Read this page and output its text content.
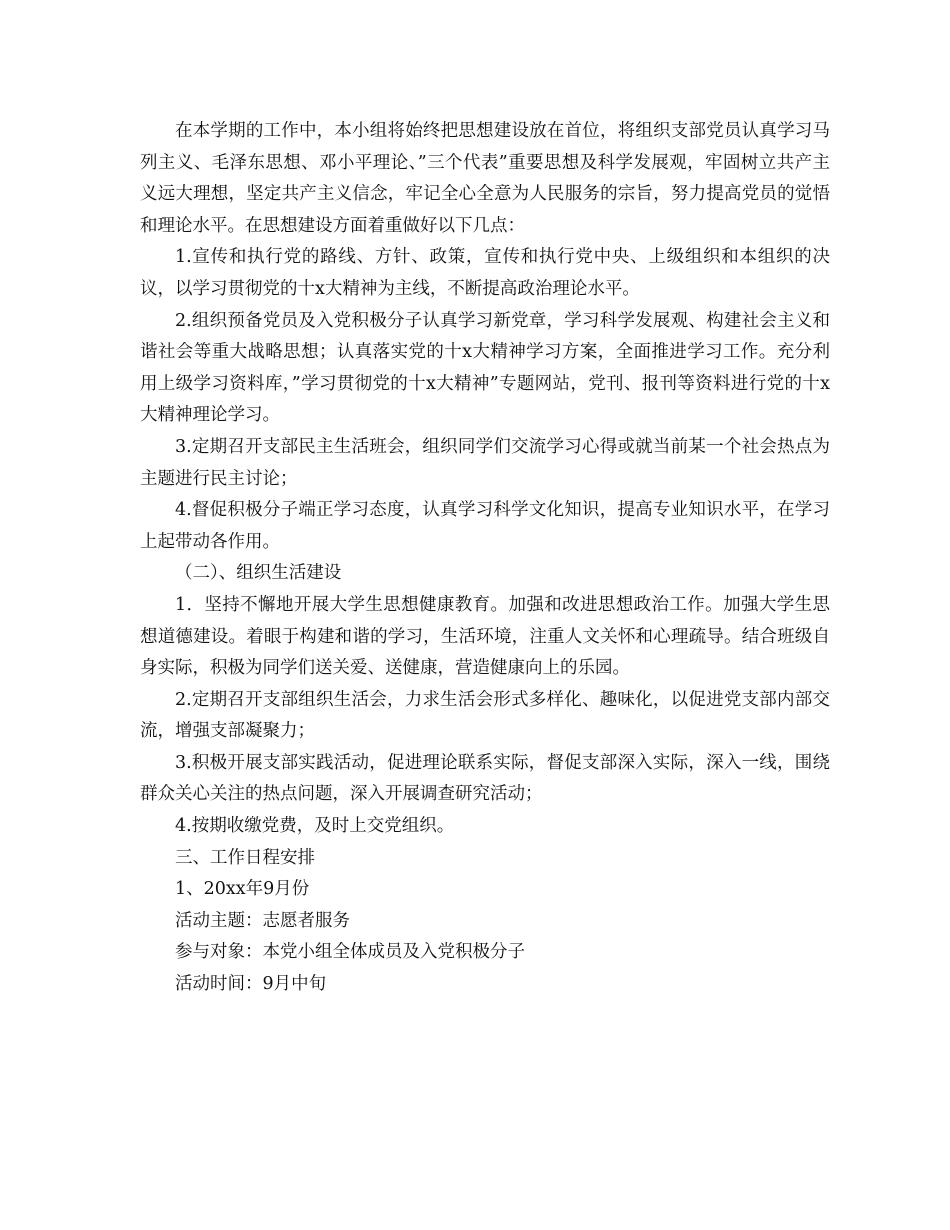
在本学期的工作中，本小组将始终把思想建设放在首位，将组织支部党员认真学习马列主义、毛泽东思想、邓小平理论、”三个代表”重要思想及科学发展观，牢固树立共产主义远大理想，坚定共产主义信念，牢记全心全意为人民服务的宗旨，努力提高党员的觉悟和理论水平。在思想建设方面着重做好以下几点：

1.宣传和执行党的路线、方针、政策，宣传和执行党中央、上级组织和本组织的决议，以学习贯彻党的十x大精神为主线，不断提高政治理论水平。

2.组织预备党员及入党积极分子认真学习新党章，学习科学发展观、构建社会主义和谐社会等重大战略思想；认真落实党的十x大精神学习方案，全面推进学习工作。充分利用上级学习资料库，”学习贯彻党的十x大精神”专题网站，党刊、报刊等资料进行党的十x大精神理论学习。

3.定期召开支部民主生活班会，组织同学们交流学习心得或就当前某一个社会热点为主题进行民主讨论；

4.督促积极分子端正学习态度，认真学习科学文化知识，提高专业知识水平，在学习上起带动各作用。

（二）、组织生活建设

1．坚持不懈地开展大学生思想健康教育。加强和改进思想政治工作。加强大学生思想道德建设。着眼于构建和谐的学习，生活环境，注重人文关怀和心理疏导。结合班级自身实际，积极为同学们送关爱、送健康，营造健康向上的乐园。

2.定期召开支部组织生活会，力求生活会形式多样化、趣味化，以促进党支部内部交流，增强支部凝聚力；

3.积极开展支部实践活动，促进理论联系实际，督促支部深入实际，深入一线，围绕群众关心关注的热点问题，深入开展调查研究活动；

4.按期收缴党费，及时上交党组织。

三、工作日程安排

1、20xx年9月份

活动主题：志愿者服务

参与对象：本党小组全体成员及入党积极分子

活动时间：9月中旬
